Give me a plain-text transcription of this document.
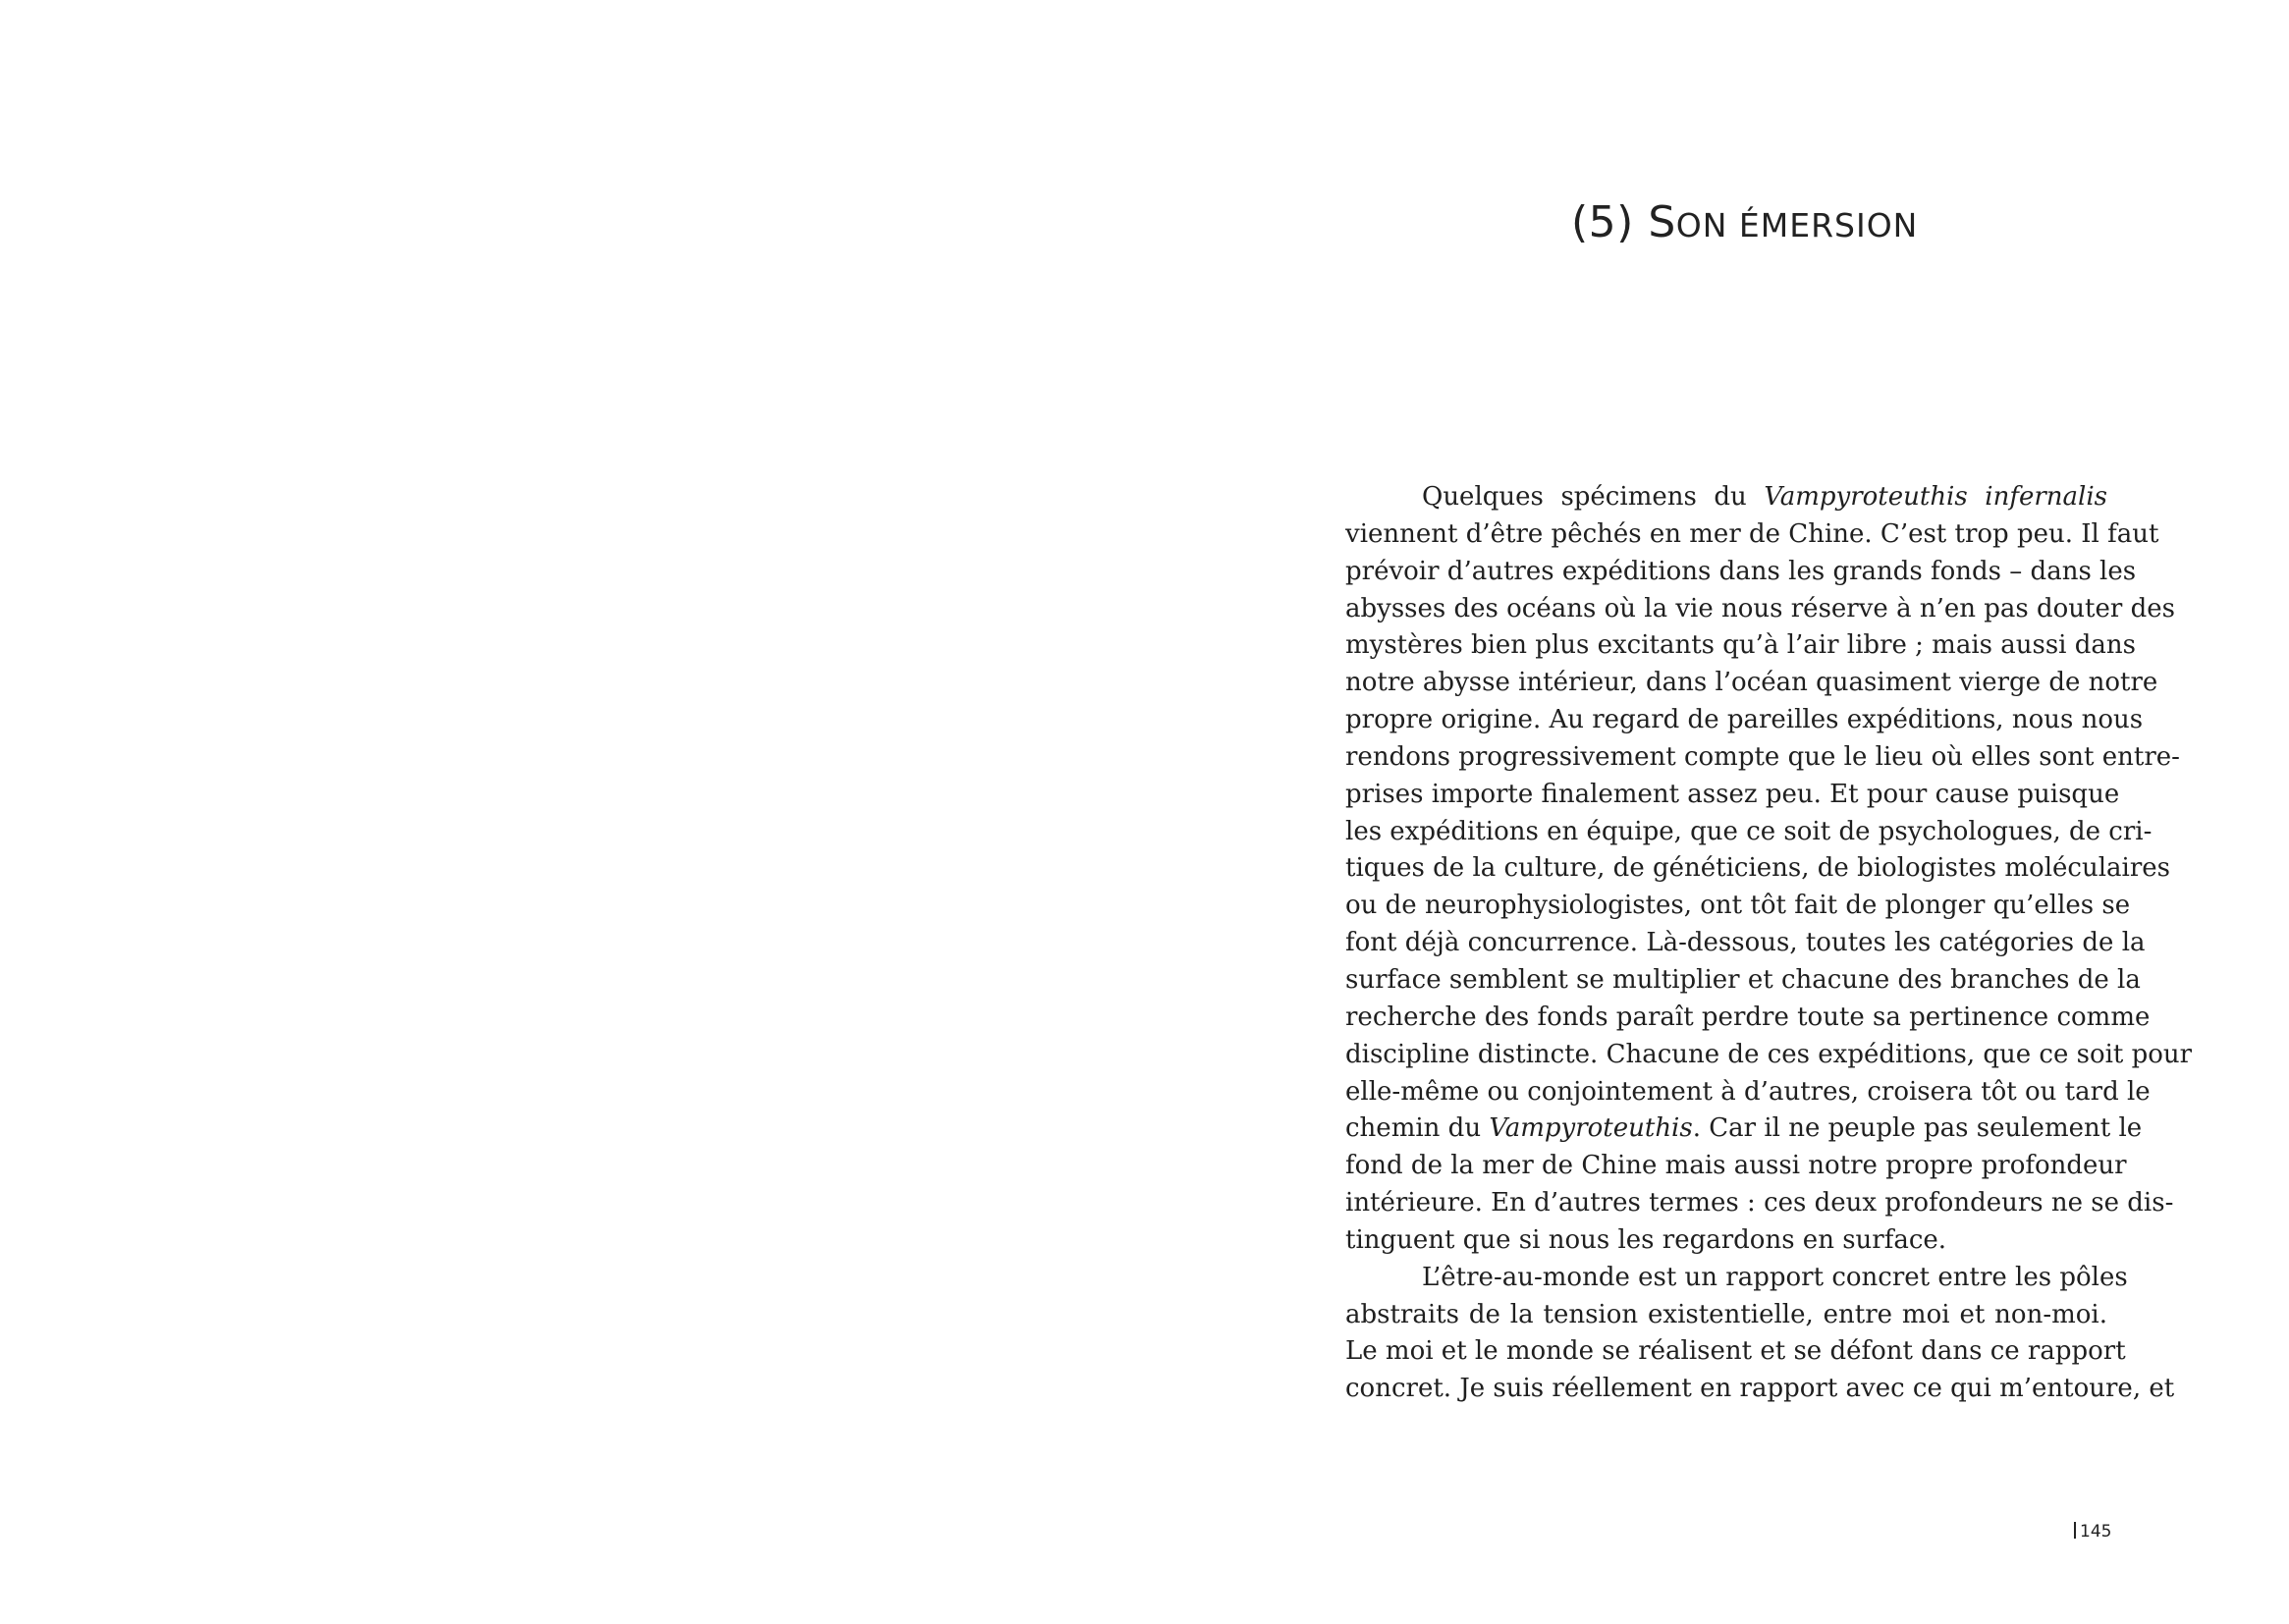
(5) SON ÉMERSION
Quelques spécimens du Vampyroteuthis infernalis
viennent d’être pêchés en mer de Chine. C’est trop peu. Il faut
prévoir d’autres expéditions dans les grands fonds – dans les
abysses des océans où la vie nous réserve à n’en pas douter des
mystères bien plus excitants qu’à l’air libre ; mais aussi dans
notre abysse intérieur, dans l’océan quasiment vierge de notre
propre origine. Au regard de pareilles expéditions, nous nous
rendons progressivement compte que le lieu où elles sont entre-
prises importe finalement assez peu. Et pour cause puisque
les expéditions en équipe, que ce soit de psychologues, de cri-
tiques de la culture, de généticiens, de biologistes moléculaires
ou de neurophysiologistes, ont tôt fait de plonger qu’elles se
font déjà concurrence. Là-dessous, toutes les catégories de la
surface semblent se multiplier et chacune des branches de la
recherche des fonds paraît perdre toute sa pertinence comme
discipline distincte. Chacune de ces expéditions, que ce soit pour
elle-même ou conjointement à d’autres, croisera tôt ou tard le
chemin du Vampyroteuthis. Car il ne peuple pas seulement le
fond de la mer de Chine mais aussi notre propre profondeur
intérieure. En d’autres termes : ces deux profondeurs ne se dis-
tinguent que si nous les regardons en surface.
L’être-au-monde est un rapport concret entre les pôles
abstraits de la tension existentielle, entre moi et non-moi.
Le moi et le monde se réalisent et se défont dans ce rapport
concret. Je suis réellement en rapport avec ce qui m’entoure, et
145
